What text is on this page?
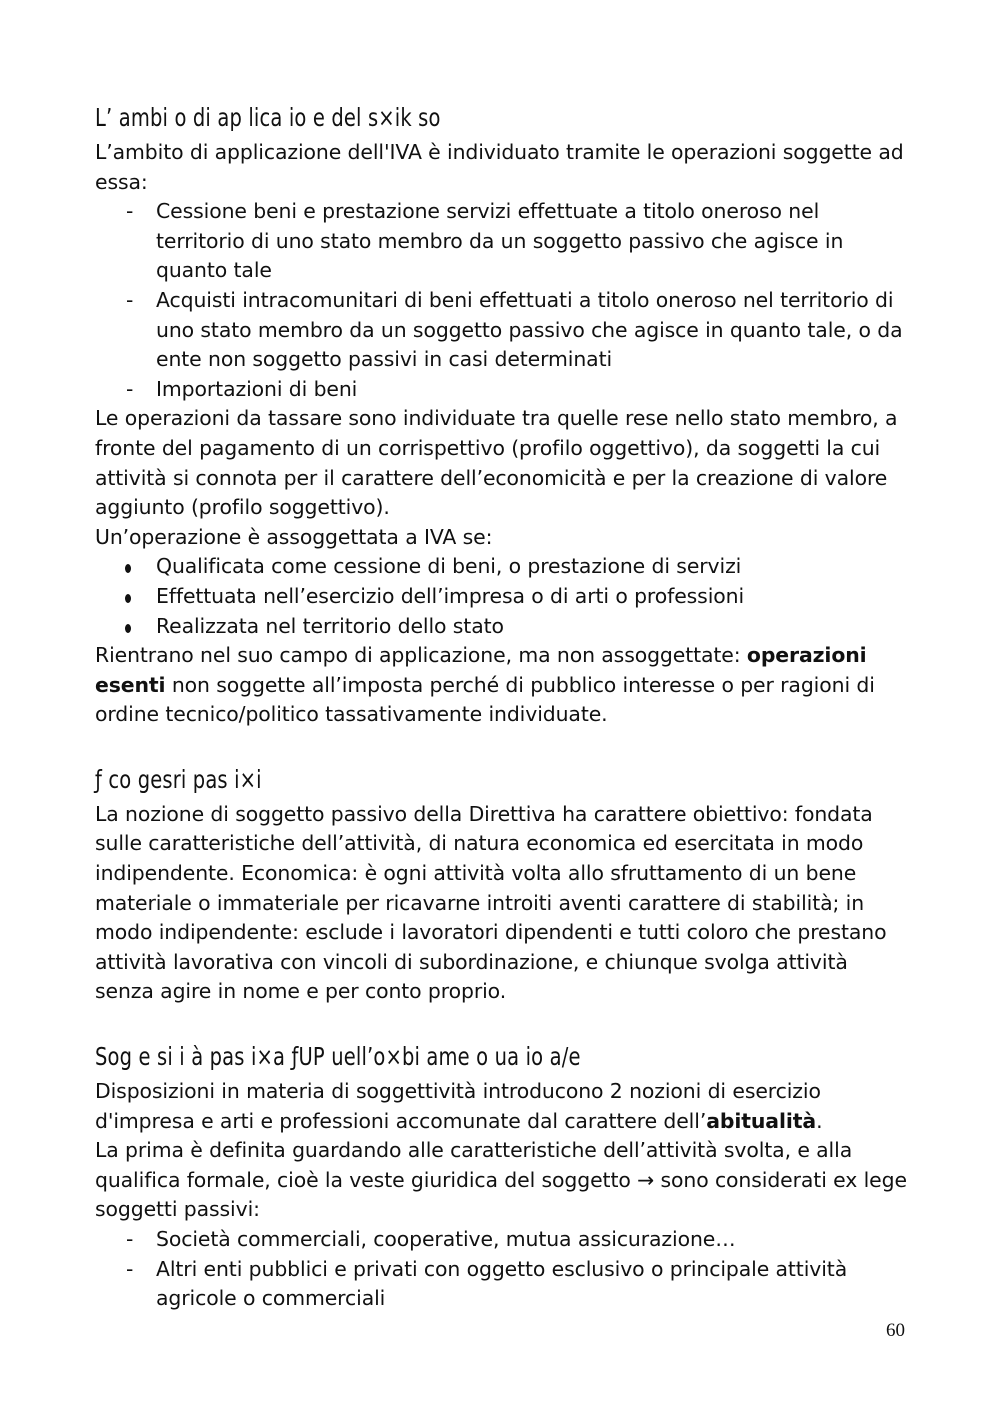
L’ ambi o di ap lica io e del s×ik so

L’ambito di applicazione dell'IVA è individuato tramite le operazioni soggette ad essa:

- Cessione beni e prestazione servizi effettuate a titolo oneroso nel territorio di uno stato membro da un soggetto passivo che agisce in quanto tale
- Acquisti intracomunitari di beni effettuati a titolo oneroso nel territorio di uno stato membro da un soggetto passivo che agisce in quanto tale, o da ente non soggetto passivi in casi determinati
- Importazioni di beni

Le operazioni da tassare sono individuate tra quelle rese nello stato membro, a fronte del pagamento di un corrispettivo (profilo oggettivo), da soggetti la cui attività si connota per il carattere dell’economicità e per la creazione di valore aggiunto (profilo soggettivo).

Un’operazione è assoggettata a IVA se:

Qualificata come cessione di beni, o prestazione di servizi
Effettuata nell’esercizio dell’impresa o di arti o professioni
Realizzata nel territorio dello stato

Rientrano nel suo campo di applicazione, ma non assoggettate: operazioni esenti non soggette all’imposta perché di pubblico interesse o per ragioni di ordine tecnico/politico tassativamente individuate.

ƒ co gesri pas i×i

La nozione di soggetto passivo della Direttiva ha carattere obiettivo: fondata sulle caratteristiche dell’attività, di natura economica ed esercitata in modo indipendente. Economica: è ogni attività volta allo sfruttamento di un bene materiale o immateriale per ricavarne introiti aventi carattere di stabilità; in modo indipendente: esclude i lavoratori dipendenti e tutti coloro che prestano attività lavorativa con vincoli di subordinazione, e chiunque svolga attività senza agire in nome e per conto proprio.

Sog e si i à pas i×a ƒUP uell’o×bi ame o ua io a/e

Disposizioni in materia di soggettività introducono 2 nozioni di esercizio d'impresa e arti e professioni accomunate dal carattere dell’abitualità.

La prima è definita guardando alle caratteristiche dell’attività svolta, e alla qualifica formale, cioè la veste giuridica del soggetto → sono considerati ex lege soggetti passivi:

- Società commerciali, cooperative, mutua assicurazione…
- Altri enti pubblici e privati con oggetto esclusivo o principale attività agricole o commerciali
60
